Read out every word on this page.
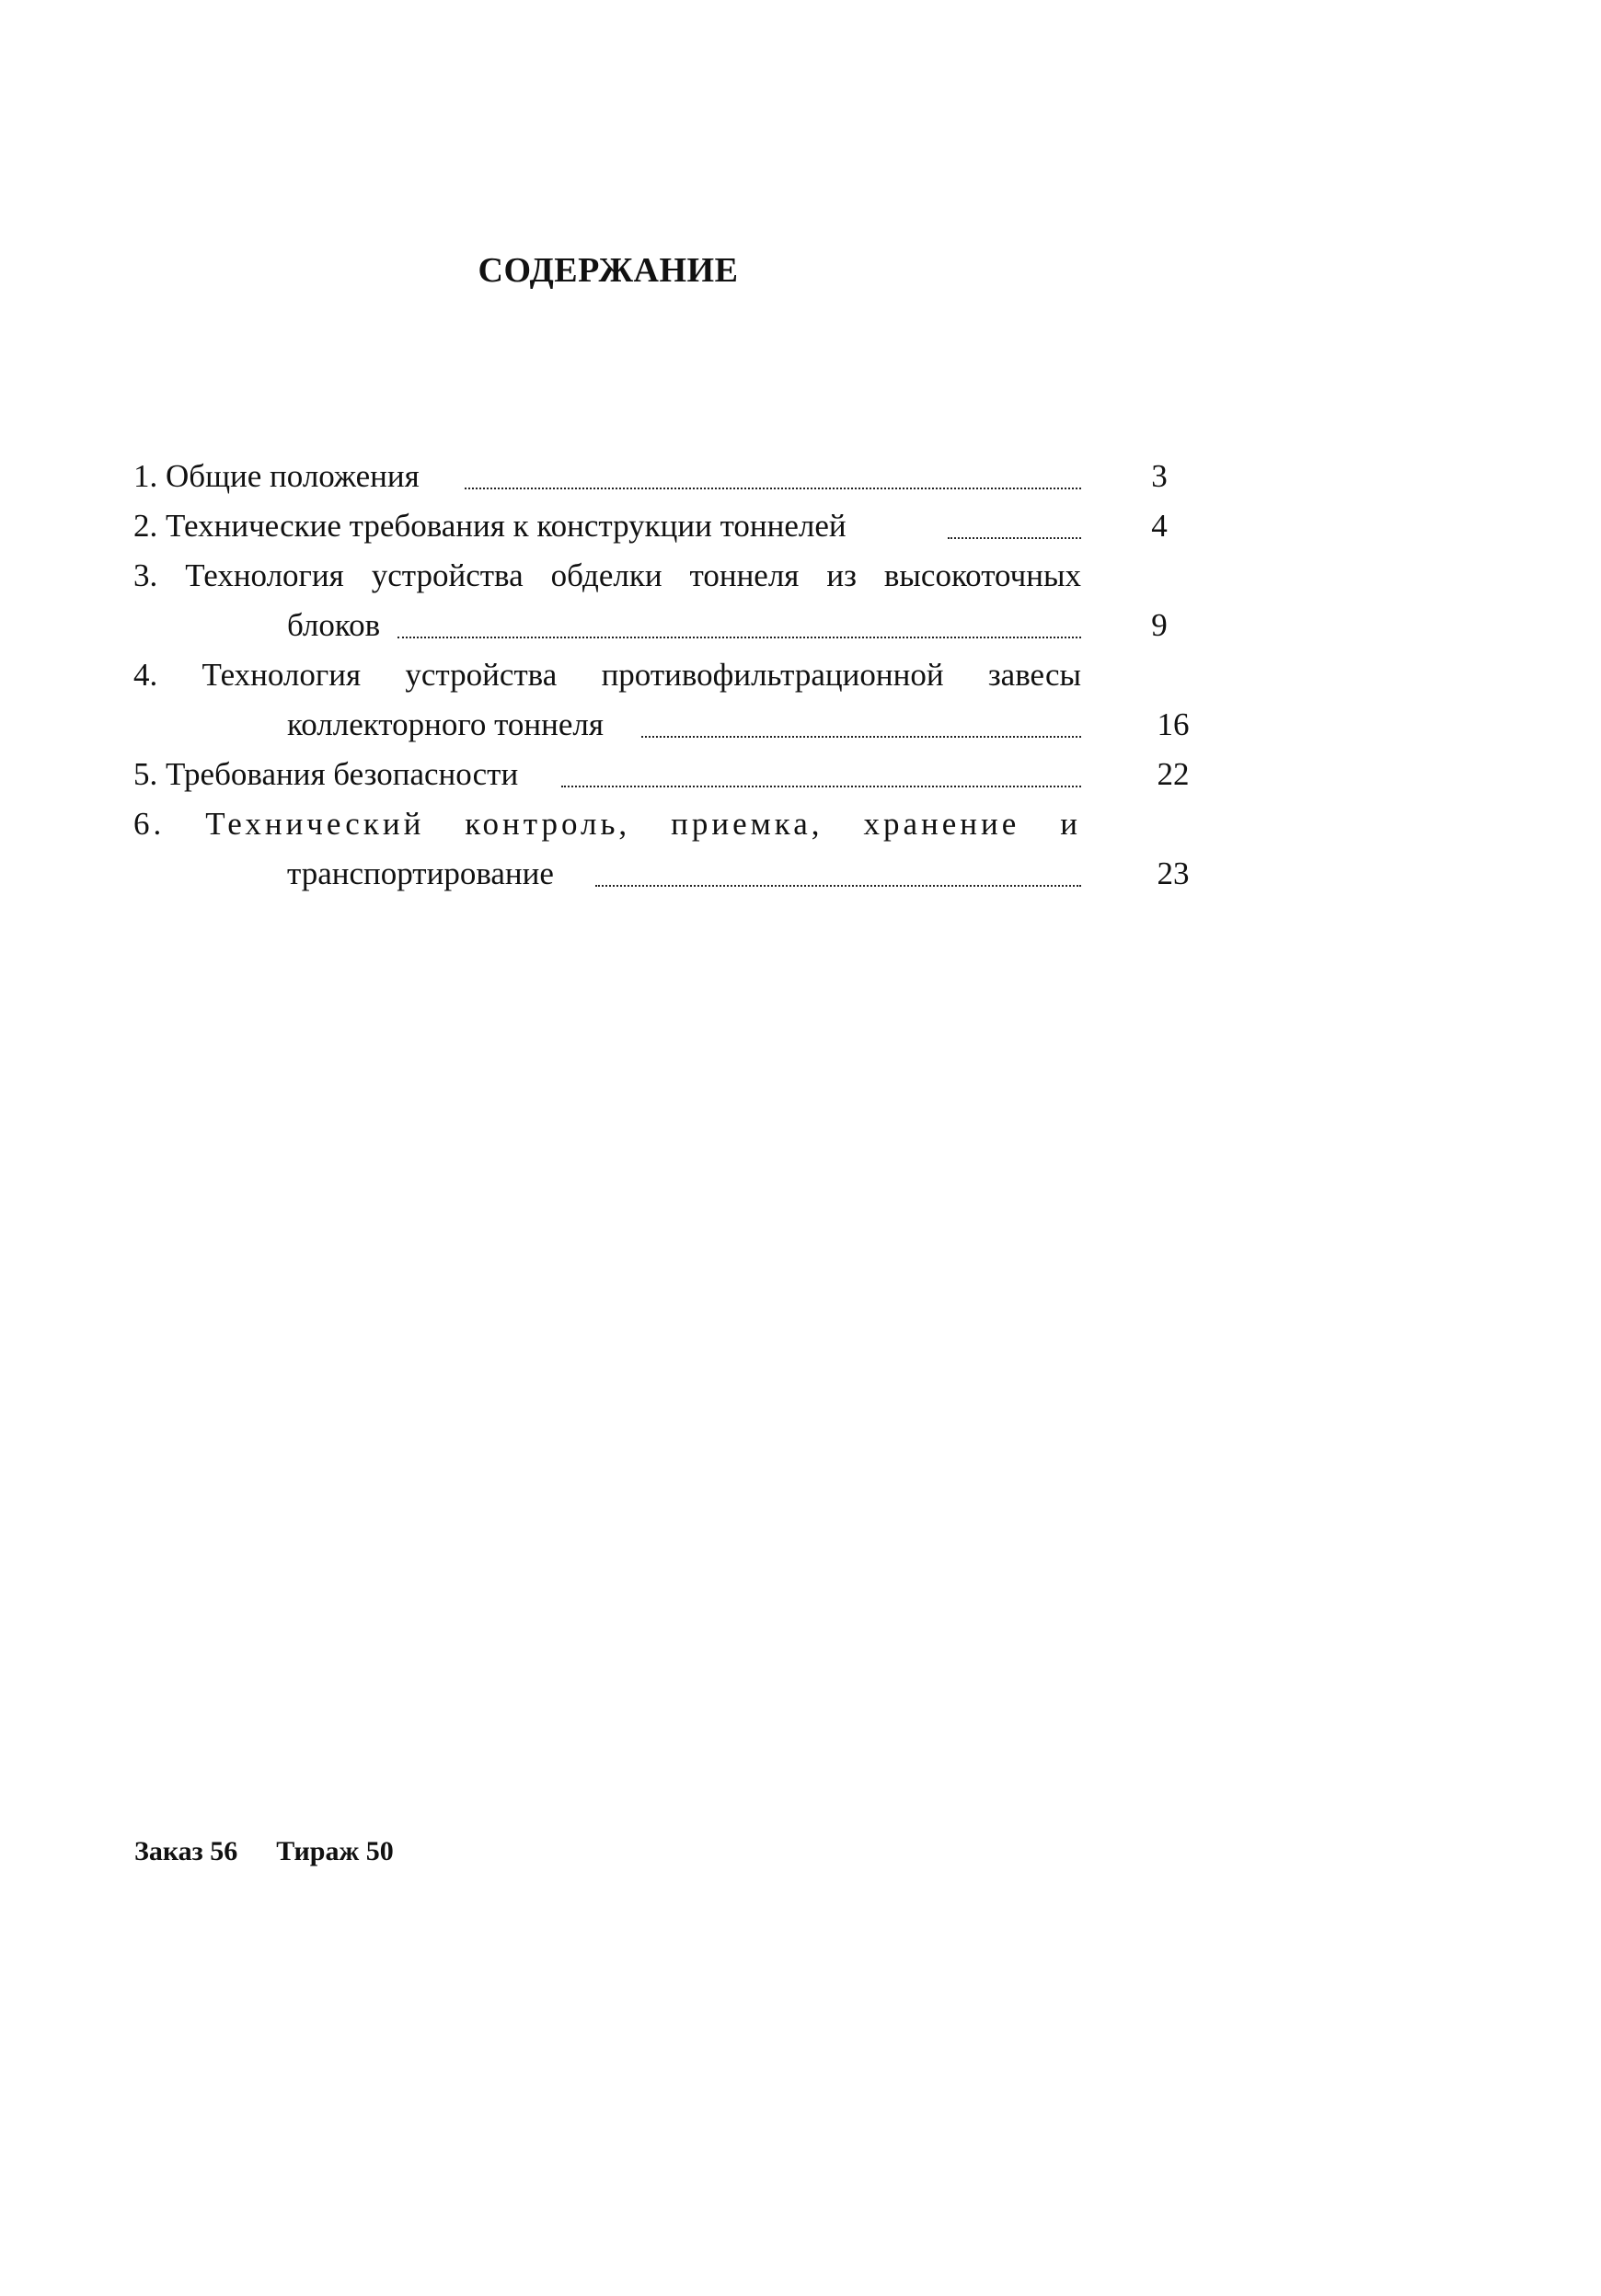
СОДЕРЖАНИЕ
1. Общие положения	3
2. Технические требования к конструкции тоннелей	4
3. Технология устройства обделки тоннеля из высокоточных
блоков	9
4. Технология устройства противофильтрационной завесы
коллекторного тоннеля	16
5. Требования безопасности	22
6. Технический контроль, приемка, хранение и
транспортирование	23
Заказ 56 Тираж 50
